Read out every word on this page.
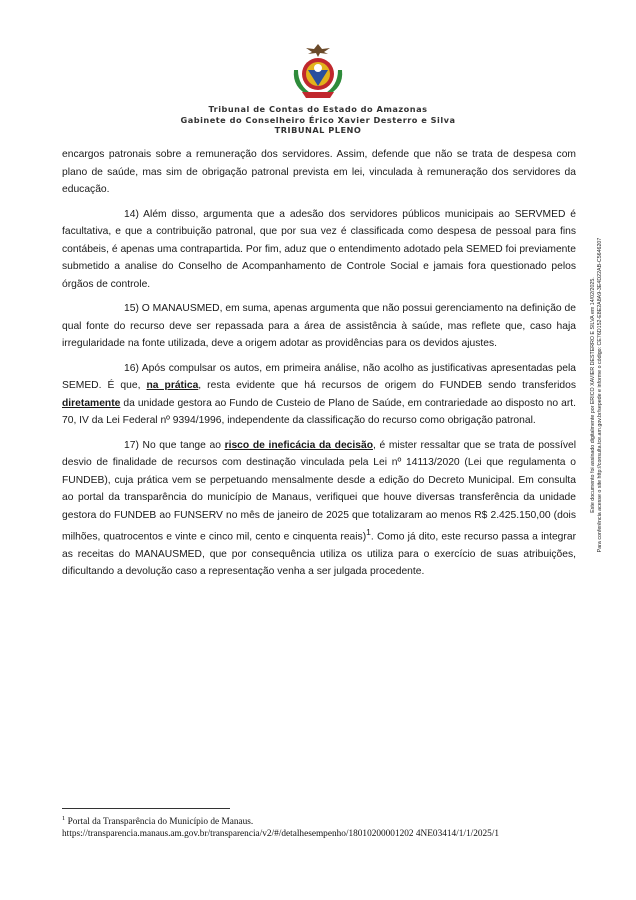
Tribunal de Contas do Estado do Amazonas
Gabinete do Conselheiro Érico Xavier Desterro e Silva
TRIBUNAL PLENO

encargos patronais sobre a remuneração dos servidores. Assim, defende que não se trata de despesa com plano de saúde, mas sim de obrigação patronal prevista em lei, vinculada à remuneração dos servidores da educação.

14) Além disso, argumenta que a adesão dos servidores públicos municipais ao SERVMED é facultativa, e que a contribuição patronal, que por sua vez é classificada como despesa de pessoal para fins contábeis, é apenas uma contrapartida. Por fim, aduz que o entendimento adotado pela SEMED foi previamente submetido a analise do Conselho de Acompanhamento de Controle Social e jamais fora questionado pelos órgãos de controle.

15) O MANAUSMED, em suma, apenas argumenta que não possui gerenciamento na definição de qual fonte do recurso deve ser repassada para a área de assistência à saúde, mas reflete que, caso haja irregularidade na fonte utilizada, deve a origem adotar as providências para os devidos ajustes.

16) Após compulsar os autos, em primeira análise, não acolho as justificativas apresentadas pela SEMED. É que, na prática, resta evidente que há recursos de origem do FUNDEB sendo transferidos diretamente da unidade gestora ao Fundo de Custeio de Plano de Saúde, em contrariedade ao disposto no art. 70, IV da Lei Federal nº 9394/1996, independente da classificação do recurso como obrigação patronal.

17) No que tange ao risco de ineficácia da decisão, é mister ressaltar que se trata de possível desvio de finalidade de recursos com destinação vinculada pela Lei nº 14113/2020 (Lei que regulamenta o FUNDEB), cuja prática vem se perpetuando mensalmente desde a edição do Decreto Municipal. Em consulta ao portal da transparência do município de Manaus, verifiquei que houve diversas transferência da unidade gestora do FUNDEB ao FUNSERV no mês de janeiro de 2025 que totalizaram ao menos R$ 2.425.150,00 (dois milhões, quatrocentos e vinte e cinco mil, cento e cinquenta reais)$^1$. Como já dito, este recurso passa a integrar as receitas do MANAUSMED, que por consequência utiliza os utiliza para o exercício de suas atribuições, dificultando a devolução caso a representação venha a ser julgada procedente.

Este documento foi assinado digitalmente por ERICO XAVIER DESTERRO E SILVA em 14/02/2025. Para conferência acesse o site http://consulta.tce.am.gov.br/sepede e informe o código: CE76D152-E8E2A8A9-3E4D22AB-C5646207
$^1$ Portal da Transparência do Município de Manaus.
https://transparencia.manaus.am.gov.br/transparencia/v2/#/detalhesempenho/18010200001202 4NE03414/1/1/2025/1
